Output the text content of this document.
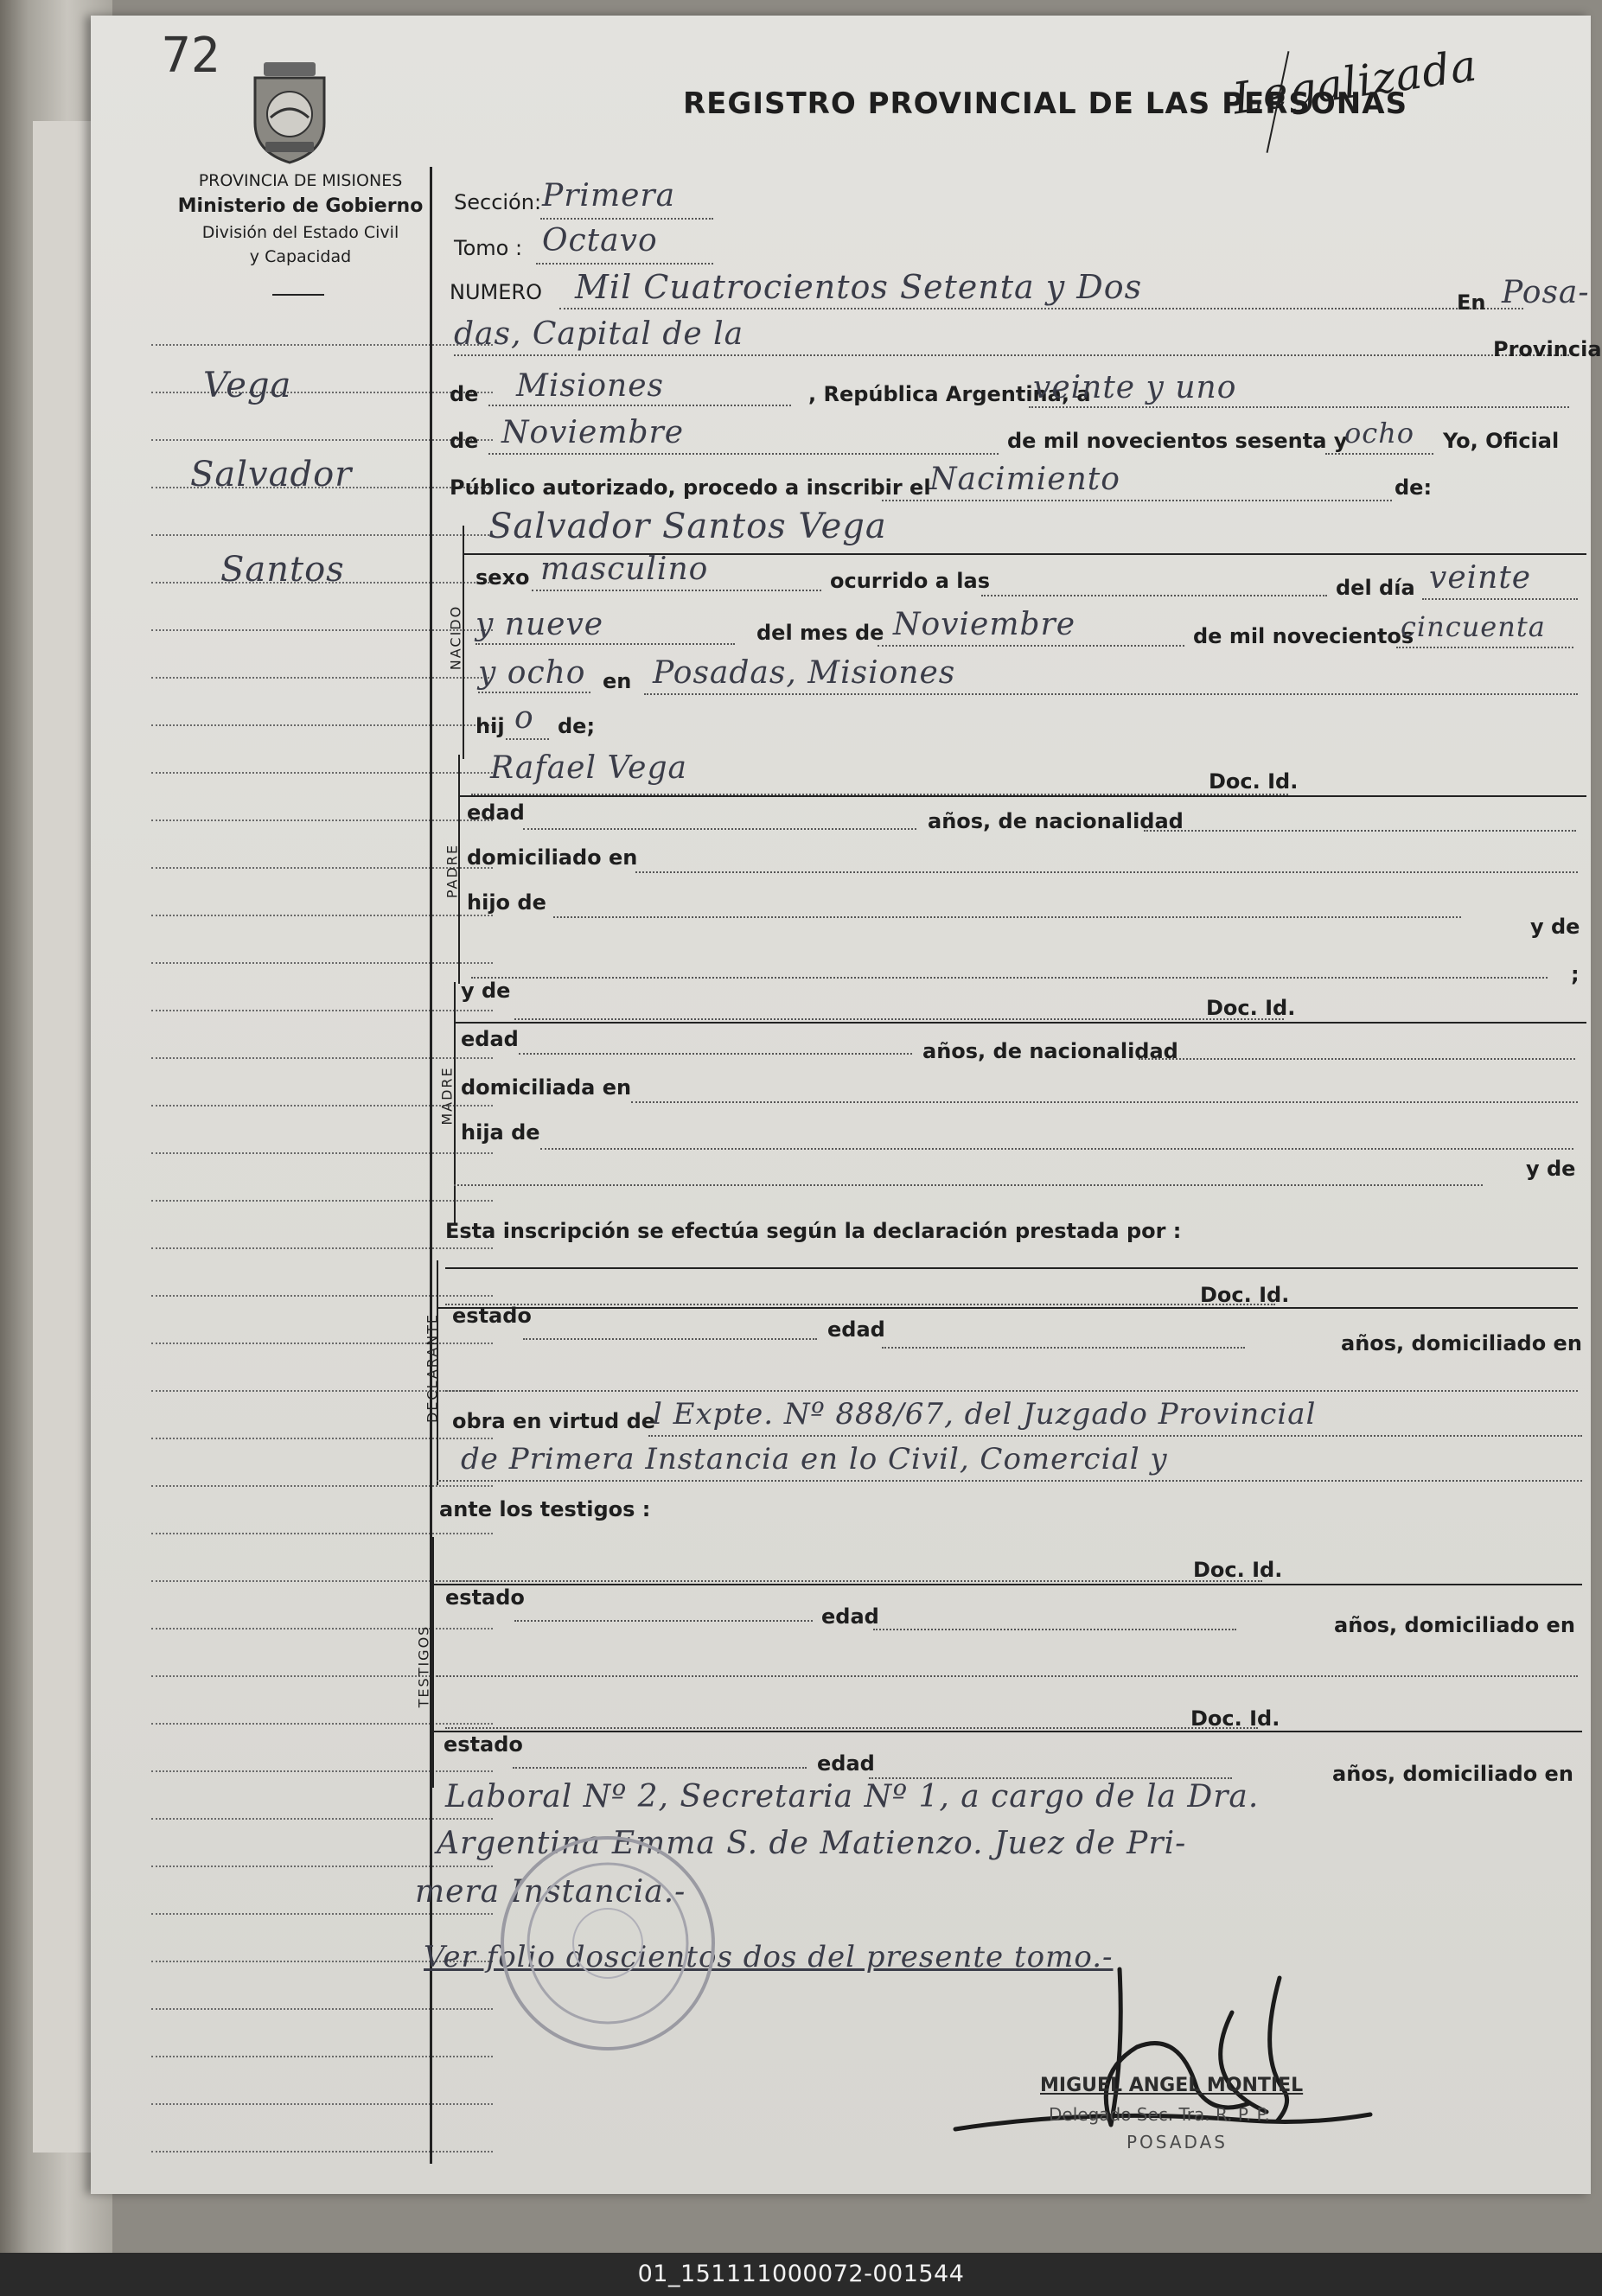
72
PROVINCIA DE MISIONES
Ministerio de Gobierno
División del Estado Civil
y Capacidad
REGISTRO PROVINCIAL DE LAS PERSONAS
Legalizada
Vega
Salvador
Santos
Sección: Primera
Tomo : Octavo
NUMERO Mil Cuatrocientos Setenta y Dos	En Posa-
das, Capital de la	Provincia
de Misiones	, República Argentina, a
veinte y uno
de Noviembre	de mil novecientos sesenta y
ocho Yo, Oficial
Público autorizado, procedo a inscribir el
Nacimiento	de:
NACIDO
Salvador Santos Vega
sexo masculino	ocurrido a las	del día veinte
y nueve	del mes de Noviembre	de mil novecientos
cincuenta
y ocho en Posadas, Misiones
hij o de;
PADRE
Rafael Vega	Doc. Id.
edad	años, de nacionalidad
domiciliado en
hijo de
y de
;
MADRE
y de
Doc. Id.
edad	años, de nacionalidad
domiciliada en
hija de
y de
Esta inscripción se efectúa según la declaración prestada por :
DECLARANTE
Doc. Id.
estado
edad
años, domiciliado en
obra en virtud de
l Expte. Nº 888/67, del Juzgado Provincial
de Primera Instancia en lo Civil, Comercial y
ante los testigos :
TESTIGOS
Doc. Id.
estado
edad	años, domiciliado en
Doc. Id.
estado
edad	años, domiciliado en
Laboral Nº 2, Secretaria Nº 1, a cargo de la Dra.
Argentina Emma S. de Matienzo. Juez de Pri-
mera Instancia.-
Ver folio doscientos dos del presente tomo.-
MIGUEL ANGEL MONTIEL
Delegado Sec. Tra. R. P. P.
POSADAS
01_151111000072-001544
